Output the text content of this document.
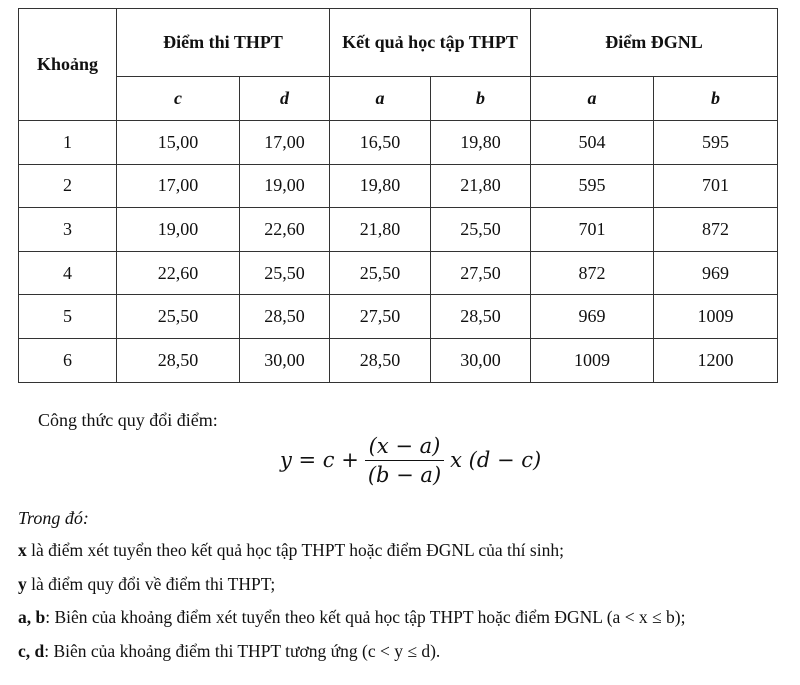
Khoảng	Điểm thi THPT		Kết quả học tập THPT		Điểm ĐGNL	
	c	d	a	b	a	b
1	15,00	17,00	16,50	19,80	504	595
2	17,00	19,00	19,80	21,80	595	701
3	19,00	22,60	21,80	25,50	701	872
4	22,60	25,50	25,50	27,50	872	969
5	25,50	28,50	27,50	28,50	969	1009
6	28,50	30,00	28,50	30,00	1009	1200

Công thức quy đổi điểm:

$y = c + \frac{(x - a)}{(b - a)}$ x (d − c)

Trong đó:

x là điểm xét tuyển theo kết quả học tập THPT hoặc điểm ĐGNL của thí sinh;
y là điểm quy đổi về điểm thi THPT;
a, b: Biên của khoảng điểm xét tuyển theo kết quả học tập THPT hoặc điểm ĐGNL (a < x ≤ b);
c, d: Biên của khoảng điểm thi THPT tương ứng (c < y ≤ d).
